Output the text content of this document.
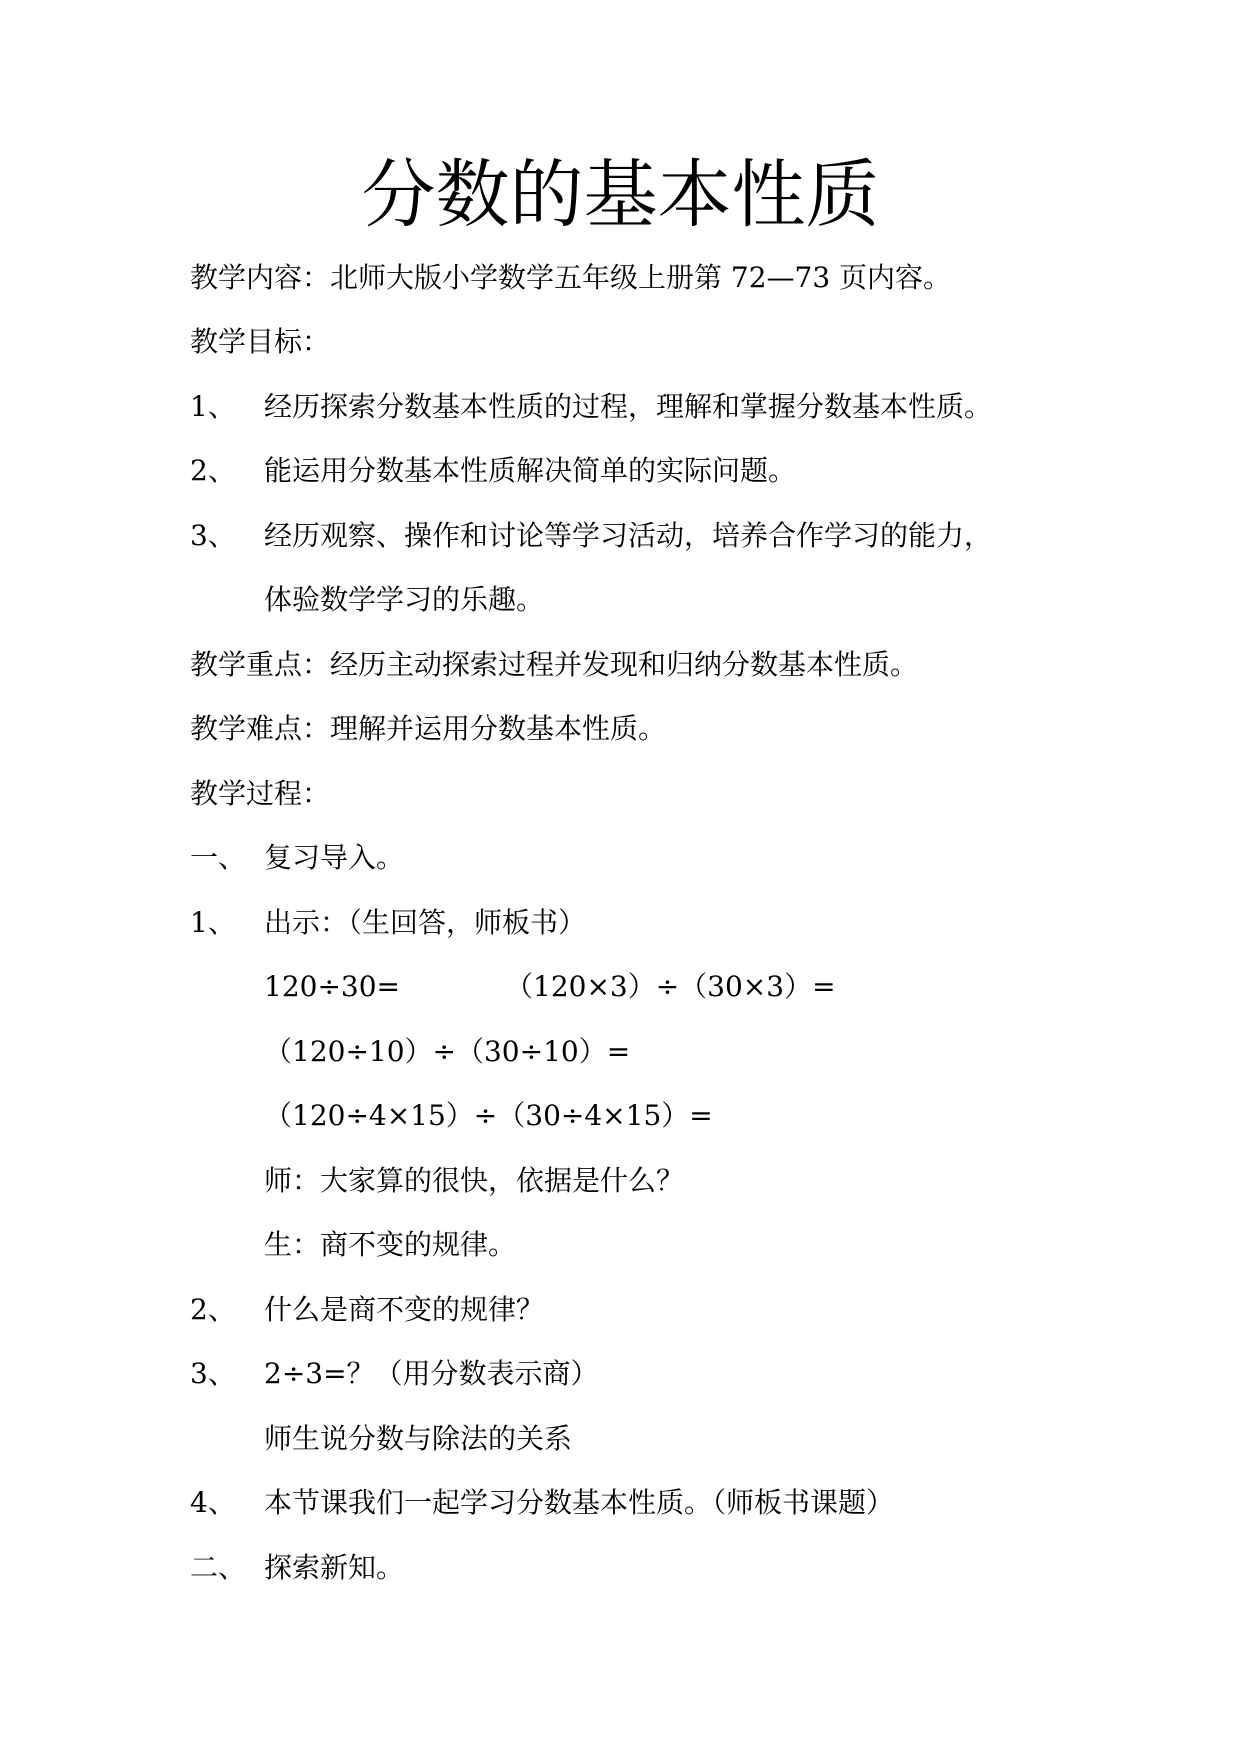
分数的基本性质
教学内容：北师大版小学数学五年级上册第 72—73 页内容。
教学目标：
1、 经历探索分数基本性质的过程，理解和掌握分数基本性质。
2、 能运用分数基本性质解决简单的实际问题。
3、 经历观察、操作和讨论等学习活动，培养合作学习的能力，
体验数学学习的乐趣。
教学重点：经历主动探索过程并发现和归纳分数基本性质。
教学难点：理解并运用分数基本性质。
教学过程：
一、 复习导入。
1、 出示：（生回答，师板书）
120÷30=	（120×3）÷（30×3）=
（120÷10）÷（30÷10）=
（120÷4×15）÷（30÷4×15）=
师：大家算的很快，依据是什么？
生：商不变的规律。
2、 什么是商不变的规律？
3、 2÷3=？（用分数表示商）
师生说分数与除法的关系
4、 本节课我们一起学习分数基本性质。（师板书课题）
二、 探索新知。
